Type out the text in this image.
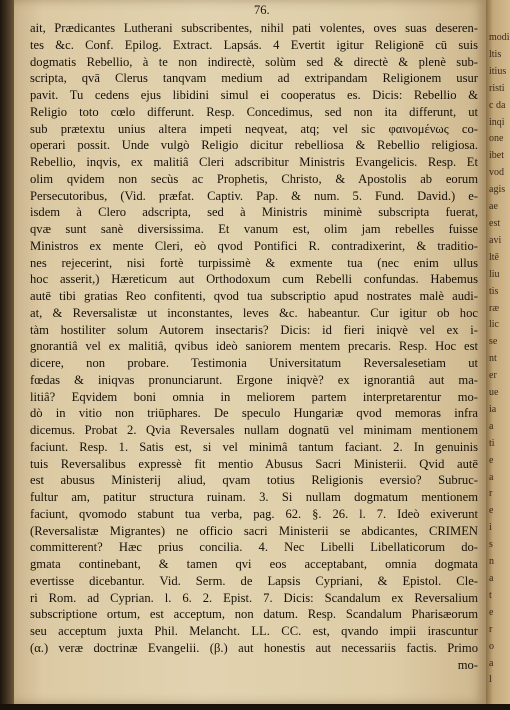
76.
ait, Prædicantes Lutherani subscribentes, nihil pati volentes, oves suas deseren-
tes &c. Conf. Epilog. Extract. Lapsás. 4 Evertit igitur Religionē cū suis
dogmatis Rebellio, à te non indirectè, solùm sed & directè & plenè sub-
scripta, qvā Clerus tanqvam medium ad extripandam Religionem usur
pavit. Tu cedens ejus libidini simul ei cooperatus es. Dicis: Rebellio &
Religio toto cœlo differunt. Resp. Concedimus, sed non ita differunt, ut
sub prætextu unius altera impeti neqveat, atq; vel sic φαινομένως co-
operari possit. Unde vulgò Religio dicitur rebelliosa & Rebellio religiosa.
Rebellio, inqvis, ex malitiâ Cleri adscribitur Ministris Evangelicis. Resp. Et
olim qvidem non secùs ac Prophetis, Christo, & Apostolis ab eorum
Persecutoribus, (Vid. præfat. Captiv. Pap. & num. 5. Fund. David.) e-
isdem à Clero adscripta, sed à Ministris minimè subscripta fuerat,
qvæ sunt sanè diversissima. Et vanum est, olim jam rebelles fuisse
Ministros ex mente Cleri, eò qvod Pontifici R. contradixerint, & traditio-
nes rejecerint, nisi fortè turpissimè & exmente tua (nec enim ullus
hoc asserit,) Hæreticum aut Orthodoxum cum Rebelli confundas. Habemus
autē tibi gratias Reo confitenti, qvod tua subscriptio apud nostrates malè audi-
at, & Reversalistæ ut inconstantes, leves &c. habeantur. Cur igitur ob hoc
tàm hostiliter solum Autorem insectaris? Dicis: id fieri iniqvè vel ex i-
gnorantiâ vel ex malitiâ, qvibus ideò saniorem mentem precaris. Resp. Hoc est
dicere, non probare. Testimonia Universitatum Reversalesetiam ut
fœdas & iniqvas pronunciarunt. Ergone iniqvè? ex ignorantiâ aut ma-
litiâ? Eqvidem boni omnia in meliorem partem interpretarentur mo-
dò in vitio non triūphares. De speculo Hungariæ qvod memoras infra
dicemus. Probat 2. Qvia Reversales nullam dognatū vel minimam mentionem
faciunt. Resp. 1. Satis est, si vel minimâ tantum faciant. 2. In genuinis
tuis Reversalibus expressè fit mentio Abusus Sacri Ministerii. Qvid autē
est abusus Ministerij aliud, qvam totius Religionis eversio? Subruc-
fultur am, patitur structura ruinam. 3. Si nullam dogmatum mentionem
faciunt, qvomodo stabunt tua verba, pag. 62. §. 26. l. 7. Ideò exiverunt
(Reversalistæ Migrantes) ne officio sacri Ministerii se abdicantes, CRIMEN
committerent? Hæc prius concilia. 4. Nec Libelli Libellaticorum do-
gmata continebant, & tamen qvi eos acceptabant, omnia dogmata
evertisse dicebantur. Vid. Serm. de Lapsis Cypriani, & Epistol. Cle-
ri Rom. ad Cyprian. l. 6. 2. Epist. 7. Dicis: Scandalum ex Reversalium
subscriptione ortum, est acceptum, non datum. Resp. Scandalum Pharisæorum
seu acceptum juxta Phil. Melancht. LL. CC. est, qvando impii irascuntur
(α.) veræ doctrinæ Evangelii. (β.) aut honestis aut necessariis factis. Primo
mo-
modi
ltis
itius
risti
c da
inqi
one
ibet
vod
agis
ae
est
avi
ltē
liu
tis
ræ
lic
se
nt
er
ue
ia
a
ti
e
a
r
e
i
s
n
a
t
e
r
o
a
l
